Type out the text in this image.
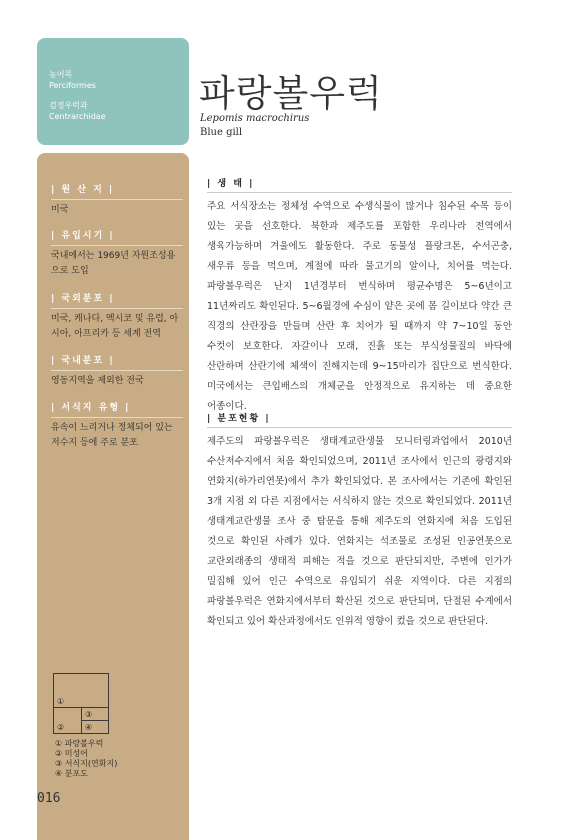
농어목
Perciformes
검정우럭과
Centrarchidae
| 원 산 지 |
미국
| 유입시기 |
국내에서는 1969년 자원조성용으로 도입
| 국외분포 |
미국, 캐나다, 멕시코 및 유럽, 아시아, 아프리카 등 세계 전역
| 국내분포 |
영동지역을 제외한 전국
| 서식지 유형 |
유속이 느리거나 정체되어 있는 저수지 등에 주로 분포
①
③
②	④
① 파랑볼우럭
② 미성어
③ 서식지(연화지)
④ 분포도
016
파랑볼우럭
Lepomis macrochirus
Blue gill
| 생 태 |
주요 서식장소는 정체성 수역으로 수생식물이 많거나 침수된 수목 등이 있는 곳을 선호한다. 북한과 제주도를 포함한 우리나라 전역에서 생육가능하며 겨울에도 활동한다. 주로 동물성 플랑크톤, 수서곤충, 새우류 등을 먹으며, 계절에 따라 물고기의 알이나, 치어를 먹는다. 파랑볼우럭은 난지 1년경부터 번식하며 평균수명은 5~6년이고 11년짜리도 확인된다. 5~6월경에 수심이 얕은 곳에 몸 길이보다 약간 큰 직경의 산란장을 만들며 산란 후 치어가 될 때까지 약 7~10일 동안 수컷이 보호한다. 자갈이나 모래, 진흙 또는 부식성물질의 바닥에 산란하며 산란기에 체색이 진해지는데 9~15마리가 집단으로 번식한다. 미국에서는 큰입배스의 개체군을 안정적으로 유지하는 데 중요한 어종이다.
| 분포현황 |
제주도의 파랑볼우럭은 생태계교란생물 모니터링과업에서 2010년 수산저수지에서 처음 확인되었으며, 2011년 조사에서 인근의 광령지와 연화지(하가리연못)에서 추가 확인되었다. 본 조사에서는 기존에 확인된 3개 지점 외 다른 지점에서는 서식하지 않는 것으로 확인되었다. 2011년 생태계교란생물 조사 중 탐문을 통해 제주도의 연화지에 처음 도입된 것으로 확인된 사례가 있다. 연화지는 석조물로 조성된 인공연못으로 교란외래종의 생태적 피해는 적을 것으로 판단되지만, 주변에 인가가 밀집해 있어 인근 수역으로 유입되기 쉬운 지역이다. 다른 지점의 파랑볼우럭은 연화지에서부터 확산된 것으로 판단되며, 단절된 수계에서 확인되고 있어 확산과정에서도 인위적 영향이 컸을 것으로 판단된다.
